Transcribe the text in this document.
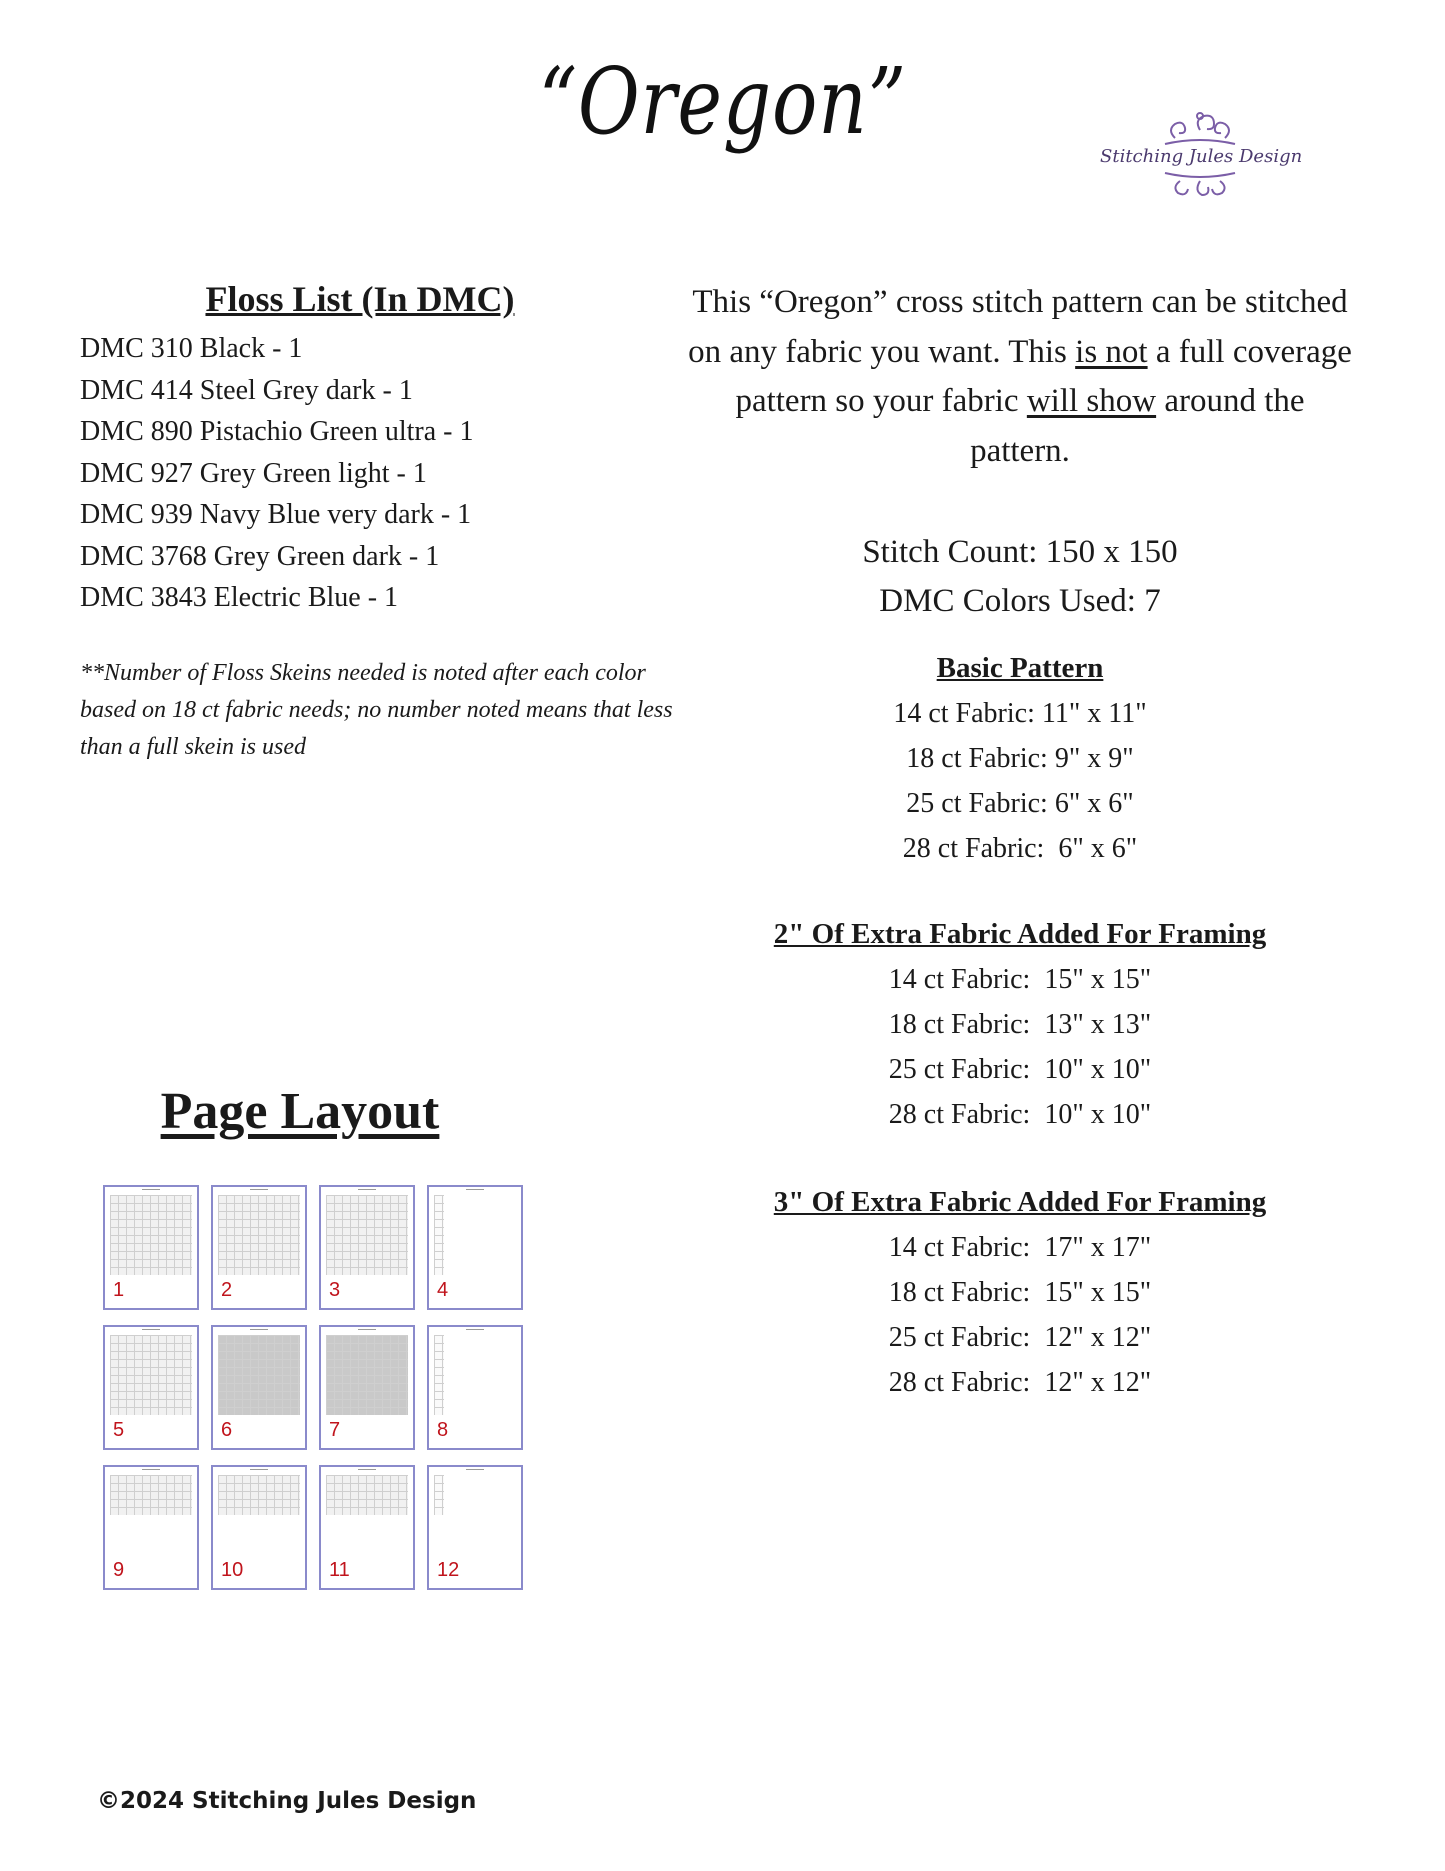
“Oregon”
Stitching Jules Design
Floss List (In DMC)
DMC 310 Black - 1
DMC 414 Steel Grey dark - 1
DMC 890 Pistachio Green ultra - 1
DMC 927 Grey Green light - 1
DMC 939 Navy Blue very dark - 1
DMC 3768 Grey Green dark - 1
DMC 3843 Electric Blue - 1
**Number of Floss Skeins needed is noted after each color based on 18 ct fabric needs; no number noted means that less than a full skein is used
This “Oregon” cross stitch pattern can be stitched on any fabric you want. This is not a full coverage pattern so your fabric will show around the pattern.
Stitch Count: 150 x 150
DMC Colors Used: 7
Basic Pattern
14 ct Fabric: 11" x 11"
18 ct Fabric: 9" x 9"
25 ct Fabric: 6" x 6"
28 ct Fabric:  6" x 6"
2" Of Extra Fabric Added For Framing
14 ct Fabric:  15" x 15"
18 ct Fabric:  13" x 13"
25 ct Fabric:  10" x 10"
28 ct Fabric:  10" x 10"
3" Of Extra Fabric Added For Framing
14 ct Fabric:  17" x 17"
18 ct Fabric:  15" x 15"
25 ct Fabric:  12" x 12"
28 ct Fabric:  12" x 12"
Page Layout
1	2	3	4
5	6	7	8
9	10	11	12
©2024 Stitching Jules Design
